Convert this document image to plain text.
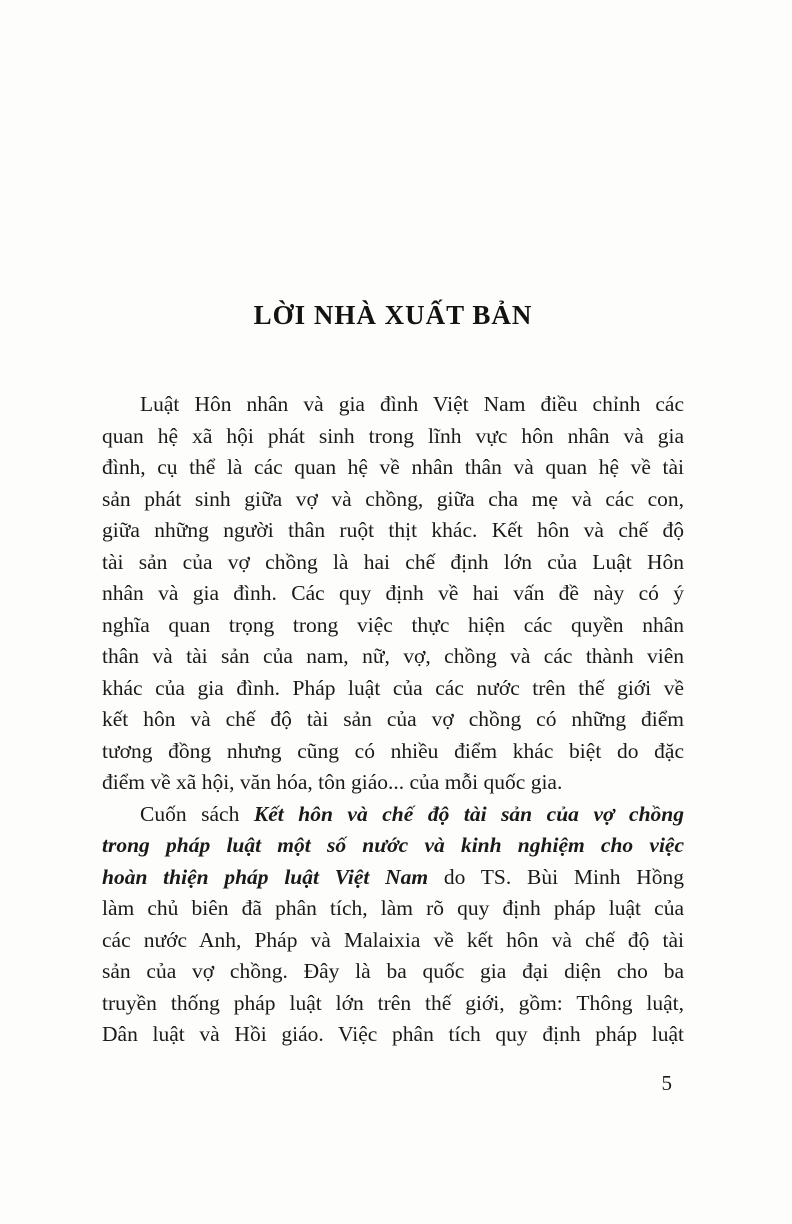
LỜI NHÀ XUẤT BẢN
Luật Hôn nhân và gia đình Việt Nam điều chỉnh các
quan hệ xã hội phát sinh trong lĩnh vực hôn nhân và gia
đình, cụ thể là các quan hệ về nhân thân và quan hệ về tài
sản phát sinh giữa vợ và chồng, giữa cha mẹ và các con,
giữa những người thân ruột thịt khác. Kết hôn và chế độ
tài sản của vợ chồng là hai chế định lớn của Luật Hôn
nhân và gia đình. Các quy định về hai vấn đề này có ý
nghĩa quan trọng trong việc thực hiện các quyền nhân
thân và tài sản của nam, nữ, vợ, chồng và các thành viên
khác của gia đình. Pháp luật của các nước trên thế giới về
kết hôn và chế độ tài sản của vợ chồng có những điểm
tương đồng nhưng cũng có nhiều điểm khác biệt do đặc
điểm về xã hội, văn hóa, tôn giáo... của mỗi quốc gia.
Cuốn sách Kết hôn và chế độ tài sản của vợ chồng
trong pháp luật một số nước và kinh nghiệm cho việc
hoàn thiện pháp luật Việt Nam do TS. Bùi Minh Hồng
làm chủ biên đã phân tích, làm rõ quy định pháp luật của
các nước Anh, Pháp và Malaixia về kết hôn và chế độ tài
sản của vợ chồng. Đây là ba quốc gia đại diện cho ba
truyền thống pháp luật lớn trên thế giới, gồm: Thông luật,
Dân luật và Hồi giáo. Việc phân tích quy định pháp luật
5
